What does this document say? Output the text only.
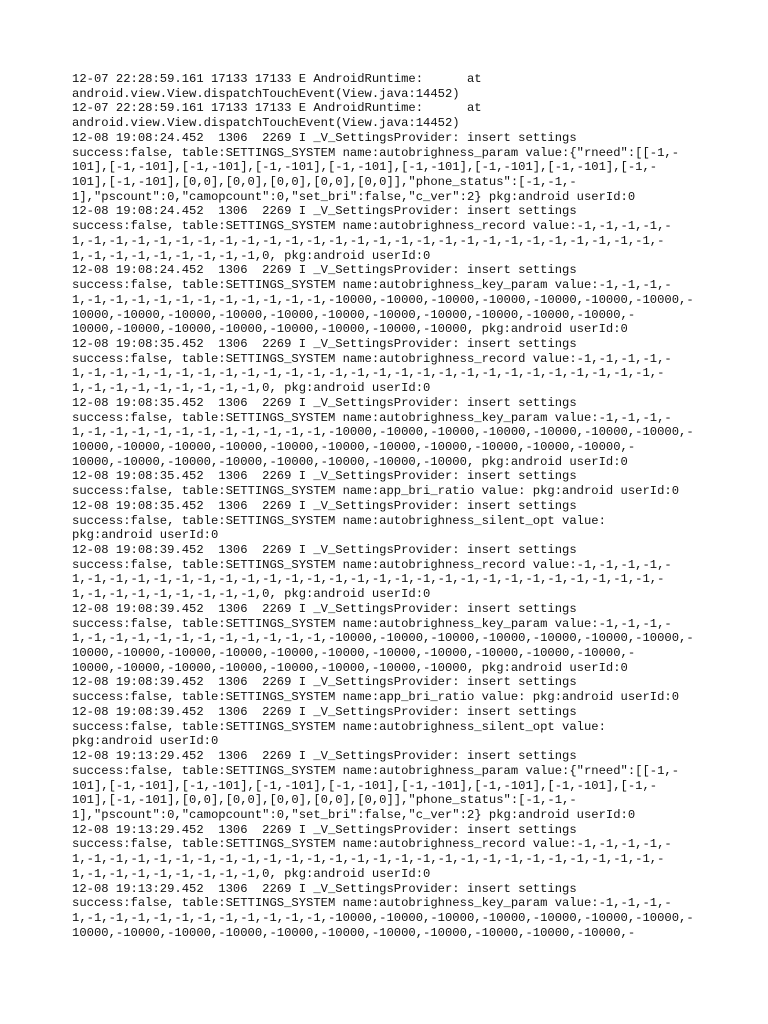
12-07 22:28:59.161 17133 17133 E AndroidRuntime:      at
android.view.View.dispatchTouchEvent(View.java:14452)
12-07 22:28:59.161 17133 17133 E AndroidRuntime:      at
android.view.View.dispatchTouchEvent(View.java:14452)
12-08 19:08:24.452  1306  2269 I _V_SettingsProvider: insert settings
success:false, table:SETTINGS_SYSTEM name:autobrighness_param value:{"rneed":[[-1,-
101],[-1,-101],[-1,-101],[-1,-101],[-1,-101],[-1,-101],[-1,-101],[-1,-101],[-1,-
101],[-1,-101],[0,0],[0,0],[0,0],[0,0],[0,0]],"phone_status":[-1,-1,-
1],"pscount":0,"camopcount":0,"set_bri":false,"c_ver":2} pkg:android userId:0
12-08 19:08:24.452  1306  2269 I _V_SettingsProvider: insert settings
success:false, table:SETTINGS_SYSTEM name:autobrighness_record value:-1,-1,-1,-1,-
1,-1,-1,-1,-1,-1,-1,-1,-1,-1,-1,-1,-1,-1,-1,-1,-1,-1,-1,-1,-1,-1,-1,-1,-1,-1,-1,-
1,-1,-1,-1,-1,-1,-1,-1,-1,0, pkg:android userId:0
12-08 19:08:24.452  1306  2269 I _V_SettingsProvider: insert settings
success:false, table:SETTINGS_SYSTEM name:autobrighness_key_param value:-1,-1,-1,-
1,-1,-1,-1,-1,-1,-1,-1,-1,-1,-1,-1,-10000,-10000,-10000,-10000,-10000,-10000,-10000,-
10000,-10000,-10000,-10000,-10000,-10000,-10000,-10000,-10000,-10000,-10000,-
10000,-10000,-10000,-10000,-10000,-10000,-10000,-10000, pkg:android userId:0
12-08 19:08:35.452  1306  2269 I _V_SettingsProvider: insert settings
success:false, table:SETTINGS_SYSTEM name:autobrighness_record value:-1,-1,-1,-1,-
1,-1,-1,-1,-1,-1,-1,-1,-1,-1,-1,-1,-1,-1,-1,-1,-1,-1,-1,-1,-1,-1,-1,-1,-1,-1,-1,-
1,-1,-1,-1,-1,-1,-1,-1,-1,0, pkg:android userId:0
12-08 19:08:35.452  1306  2269 I _V_SettingsProvider: insert settings
success:false, table:SETTINGS_SYSTEM name:autobrighness_key_param value:-1,-1,-1,-
1,-1,-1,-1,-1,-1,-1,-1,-1,-1,-1,-1,-10000,-10000,-10000,-10000,-10000,-10000,-10000,-
10000,-10000,-10000,-10000,-10000,-10000,-10000,-10000,-10000,-10000,-10000,-
10000,-10000,-10000,-10000,-10000,-10000,-10000,-10000, pkg:android userId:0
12-08 19:08:35.452  1306  2269 I _V_SettingsProvider: insert settings
success:false, table:SETTINGS_SYSTEM name:app_bri_ratio value: pkg:android userId:0
12-08 19:08:35.452  1306  2269 I _V_SettingsProvider: insert settings
success:false, table:SETTINGS_SYSTEM name:autobrighness_silent_opt value:
pkg:android userId:0
12-08 19:08:39.452  1306  2269 I _V_SettingsProvider: insert settings
success:false, table:SETTINGS_SYSTEM name:autobrighness_record value:-1,-1,-1,-1,-
1,-1,-1,-1,-1,-1,-1,-1,-1,-1,-1,-1,-1,-1,-1,-1,-1,-1,-1,-1,-1,-1,-1,-1,-1,-1,-1,-
1,-1,-1,-1,-1,-1,-1,-1,-1,0, pkg:android userId:0
12-08 19:08:39.452  1306  2269 I _V_SettingsProvider: insert settings
success:false, table:SETTINGS_SYSTEM name:autobrighness_key_param value:-1,-1,-1,-
1,-1,-1,-1,-1,-1,-1,-1,-1,-1,-1,-1,-10000,-10000,-10000,-10000,-10000,-10000,-10000,-
10000,-10000,-10000,-10000,-10000,-10000,-10000,-10000,-10000,-10000,-10000,-
10000,-10000,-10000,-10000,-10000,-10000,-10000,-10000, pkg:android userId:0
12-08 19:08:39.452  1306  2269 I _V_SettingsProvider: insert settings
success:false, table:SETTINGS_SYSTEM name:app_bri_ratio value: pkg:android userId:0
12-08 19:08:39.452  1306  2269 I _V_SettingsProvider: insert settings
success:false, table:SETTINGS_SYSTEM name:autobrighness_silent_opt value:
pkg:android userId:0
12-08 19:13:29.452  1306  2269 I _V_SettingsProvider: insert settings
success:false, table:SETTINGS_SYSTEM name:autobrighness_param value:{"rneed":[[-1,-
101],[-1,-101],[-1,-101],[-1,-101],[-1,-101],[-1,-101],[-1,-101],[-1,-101],[-1,-
101],[-1,-101],[0,0],[0,0],[0,0],[0,0],[0,0]],"phone_status":[-1,-1,-
1],"pscount":0,"camopcount":0,"set_bri":false,"c_ver":2} pkg:android userId:0
12-08 19:13:29.452  1306  2269 I _V_SettingsProvider: insert settings
success:false, table:SETTINGS_SYSTEM name:autobrighness_record value:-1,-1,-1,-1,-
1,-1,-1,-1,-1,-1,-1,-1,-1,-1,-1,-1,-1,-1,-1,-1,-1,-1,-1,-1,-1,-1,-1,-1,-1,-1,-1,-
1,-1,-1,-1,-1,-1,-1,-1,-1,0, pkg:android userId:0
12-08 19:13:29.452  1306  2269 I _V_SettingsProvider: insert settings
success:false, table:SETTINGS_SYSTEM name:autobrighness_key_param value:-1,-1,-1,-
1,-1,-1,-1,-1,-1,-1,-1,-1,-1,-1,-1,-10000,-10000,-10000,-10000,-10000,-10000,-10000,-
10000,-10000,-10000,-10000,-10000,-10000,-10000,-10000,-10000,-10000,-10000,-
